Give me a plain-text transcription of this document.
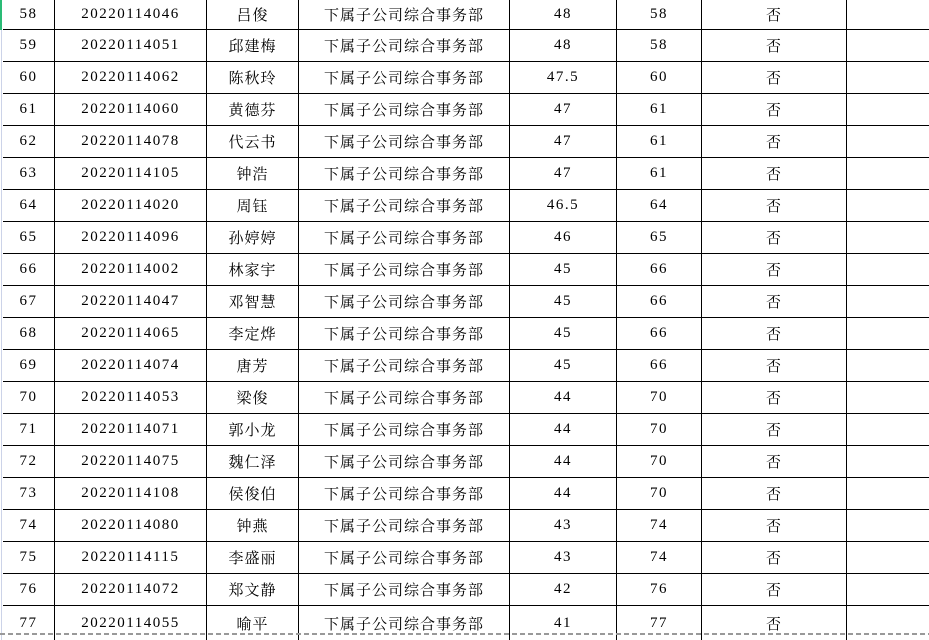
58	20220114046	吕俊	下属子公司综合事务部	48	58	否
59	20220114051	邱建梅	下属子公司综合事务部	48	58	否
60	20220114062	陈秋玲	下属子公司综合事务部	47.5	60	否
61	20220114060	黄德芬	下属子公司综合事务部	47	61	否
62	20220114078	代云书	下属子公司综合事务部	47	61	否
63	20220114105	钟浩	下属子公司综合事务部	47	61	否
64	20220114020	周钰	下属子公司综合事务部	46.5	64	否
65	20220114096	孙婷婷	下属子公司综合事务部	46	65	否
66	20220114002	林家宇	下属子公司综合事务部	45	66	否
67	20220114047	邓智慧	下属子公司综合事务部	45	66	否
68	20220114065	李定烨	下属子公司综合事务部	45	66	否
69	20220114074	唐芳	下属子公司综合事务部	45	66	否
70	20220114053	梁俊	下属子公司综合事务部	44	70	否
71	20220114071	郭小龙	下属子公司综合事务部	44	70	否
72	20220114075	魏仁泽	下属子公司综合事务部	44	70	否
73	20220114108	侯俊伯	下属子公司综合事务部	44	70	否
74	20220114080	钟燕	下属子公司综合事务部	43	74	否
75	20220114115	李盛丽	下属子公司综合事务部	43	74	否
76	20220114072	郑文静	下属子公司综合事务部	42	76	否
77	20220114055	喻平	下属子公司综合事务部	41	77	否
